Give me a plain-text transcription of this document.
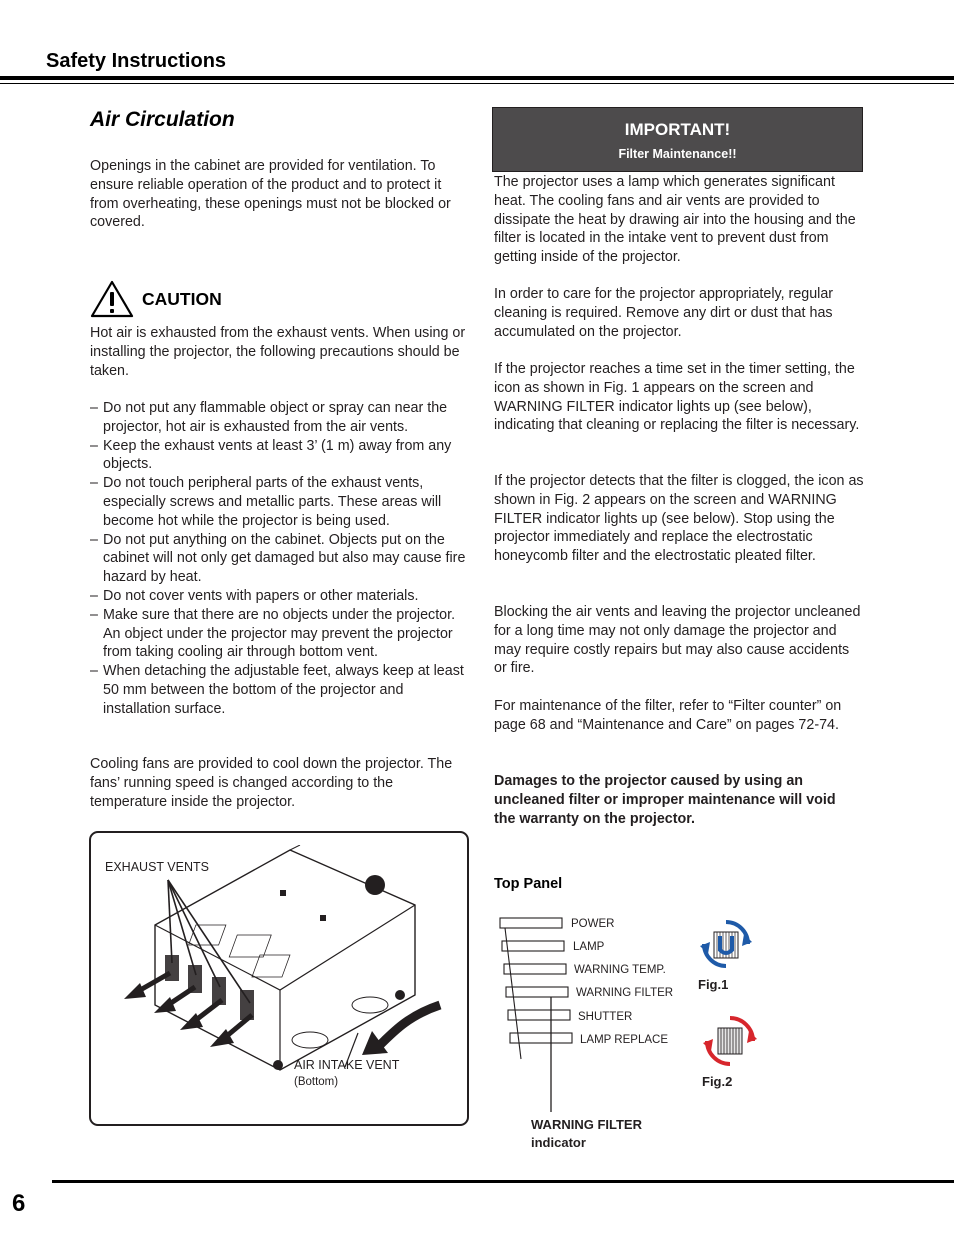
Safety Instructions
Air Circulation

Openings in the cabinet are provided for ventilation. To ensure reliable operation of the product and to protect it from overheating, these openings must not be blocked or covered.

CAUTION

Hot air is exhausted from the exhaust vents. When using or installing the projector, the following precautions should be taken.

– Do not put any flammable object or spray can near the projector, hot air is exhausted from the air vents.
– Keep the exhaust vents at least 3’ (1 m) away from any objects.
– Do not touch peripheral parts of the exhaust vents, especially screws and metallic parts. These areas will become hot while the projector is being used.
– Do not put anything on the cabinet. Objects put on the cabinet will not only get damaged but also may cause fire hazard by heat.
– Do not cover vents with papers or other materials.
– Make sure that there are no objects under the projector. An object under the projector may prevent the projector from taking cooling air through bottom vent.
– When detaching the adjustable feet, always keep at least 50 mm between the bottom of the projector and installation surface.

Cooling fans are provided to cool down the projector. The fans’ running speed is changed according to the temperature inside the projector.

EXHAUST VENTS
AIR INTAKE VENT
(Bottom)
IMPORTANT!
Filter Maintenance!!

The projector uses a lamp which generates significant heat. The cooling fans and air vents are provided to dissipate the heat by drawing air into the housing and the filter is located in the intake vent to prevent dust from getting inside of the projector.

In order to care for the projector appropriately, regular cleaning is required. Remove any dirt or dust that has accumulated on the projector.

If the projector reaches a time set in the timer setting, the icon as shown in Fig. 1 appears on the screen and WARNING FILTER indicator lights up (see below), indicating that cleaning or replacing the filter is necessary.

If the projector detects that the filter is clogged, the icon as shown in Fig. 2 appears on the screen and WARNING FILTER indicator lights up (see below). Stop using the projector immediately and replace the electrostatic honeycomb filter and the electrostatic pleated filter.

Blocking the air vents and leaving the projector uncleaned for a long time may not only damage the projector and may require costly repairs but may also cause accidents or fire.

For maintenance of the filter, refer to “Filter counter” on page 68 and “Maintenance and Care” on pages 72-74.

Damages to the projector caused by using an uncleaned filter or improper maintenance will void the warranty on the projector.

Top Panel
POWER
LAMP
WARNING TEMP.
WARNING FILTER
SHUTTER
LAMP REPLACE
Fig.1
Fig.2
WARNING FILTER
indicator
6
